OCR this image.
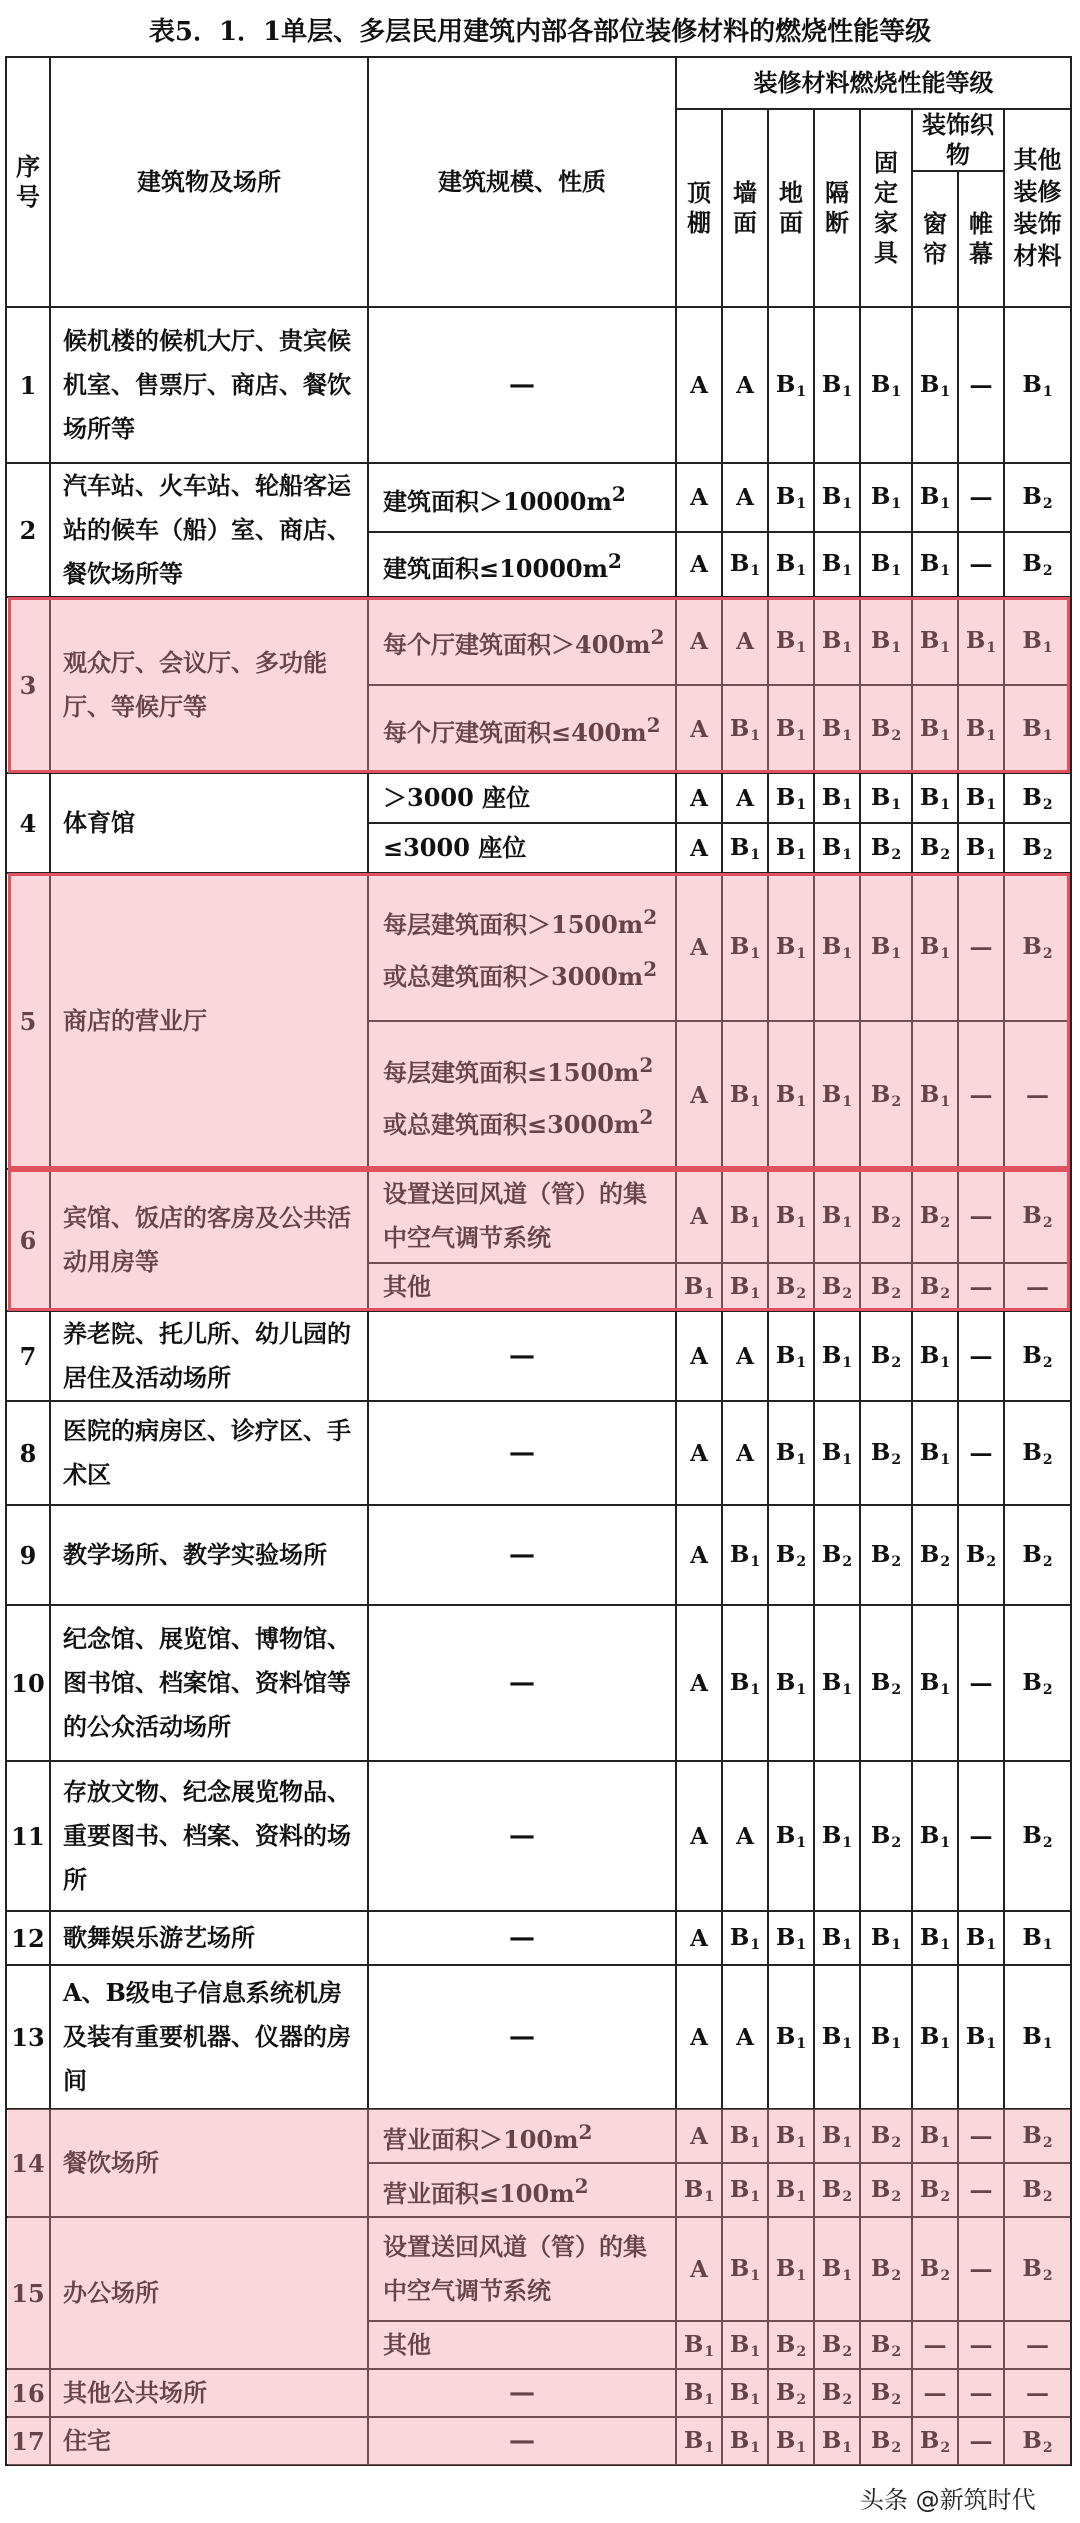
表5．1．1单层、多层民用建筑内部各部位装修材料的燃烧性能等级
序号	建筑物及场所	建筑规模、性质	装修材料燃烧性能等级							
			顶棚	墙面	地面	隔断	固定家具	装饰织物		其他装修装饰材料
								窗帘	帷幕	
1	候机楼的候机大厅、贵宾候机室、售票厅、商店、餐饮场所等	—	A	A	$B_1$	$B_1$	$B_1$	$B_1$	—	$B_1$
2	汽车站、火车站、轮船客运站的候车（船）室、商店、餐饮场所等	建筑面积$>10000m^2$	A	A	$B_1$	$B_1$	$B_1$	$B_1$	—	$B_2$
		建筑面积$\le 10000m^2$	A	$B_1$	$B_1$	$B_1$	$B_1$	$B_1$	—	$B_2$
3	观众厅、会议厅、多功能厅、等候厅等	每个厅建筑面积$>400m^2$	A	A	$B_1$	$B_1$	$B_1$	$B_1$	$B_1$	$B_1$
		每个厅建筑面积$\le 400m^2$	A	$B_1$	$B_1$	$B_1$	$B_2$	$B_1$	$B_1$	$B_1$
4	体育馆	＞3000 座位	A	A	$B_1$	$B_1$	$B_1$	$B_1$	$B_1$	$B_2$
		≤3000 座位	A	$B_1$	$B_1$	$B_1$	$B_2$	$B_2$	$B_1$	$B_2$
5	商店的营业厅	每层建筑面积$>1500m^2$或总建筑面积$>3000m^2$	A	$B_1$	$B_1$	$B_1$	$B_1$	$B_1$	—	$B_2$
		每层建筑面积$\le 1500m^2$或总建筑面积$\le 3000m^2$	A	$B_1$	$B_1$	$B_1$	$B_2$	$B_1$	—	—
6	宾馆、饭店的客房及公共活动用房等	设置送回风道（管）的集中空气调节系统	A	$B_1$	$B_1$	$B_1$	$B_2$	$B_2$	—	$B_2$
		其他	$B_1$	$B_1$	$B_2$	$B_2$	$B_2$	$B_2$	—	—
7	养老院、托儿所、幼儿园的居住及活动场所	—	A	A	$B_1$	$B_1$	$B_2$	$B_1$	—	$B_2$
8	医院的病房区、诊疗区、手术区	—	A	A	$B_1$	$B_1$	$B_2$	$B_1$	—	$B_2$
9	教学场所、教学实验场所	—	A	$B_1$	$B_2$	$B_2$	$B_2$	$B_2$	$B_2$	$B_2$
10	纪念馆、展览馆、博物馆、图书馆、档案馆、资料馆等的公众活动场所	—	A	$B_1$	$B_1$	$B_1$	$B_2$	$B_1$	—	$B_2$
11	存放文物、纪念展览物品、重要图书、档案、资料的场所	—	A	A	$B_1$	$B_1$	$B_2$	$B_1$	—	$B_2$
12	歌舞娱乐游艺场所	—	A	$B_1$	$B_1$	$B_1$	$B_1$	$B_1$	$B_1$	$B_1$
13	A、B级电子信息系统机房及装有重要机器、仪器的房间	—	A	A	$B_1$	$B_1$	$B_1$	$B_1$	$B_1$	$B_1$
14	餐饮场所	营业面积$>100m^2$	A	$B_1$	$B_1$	$B_1$	$B_2$	$B_1$	—	$B_2$
		营业面积$\le 100m^2$	$B_1$	$B_1$	$B_1$	$B_2$	$B_2$	$B_2$	—	$B_2$
15	办公场所	设置送回风道（管）的集中空气调节系统	A	$B_1$	$B_1$	$B_1$	$B_2$	$B_2$	—	$B_2$
		其他	$B_1$	$B_1$	$B_2$	$B_2$	$B_2$	—	—	—
16	其他公共场所	—	$B_1$	$B_1$	$B_2$	$B_2$	$B_2$	—	—	—
17	住宅	—	$B_1$	$B_1$	$B_1$	$B_1$	$B_2$	$B_2$	—	$B_2$
头条 @新筑时代
